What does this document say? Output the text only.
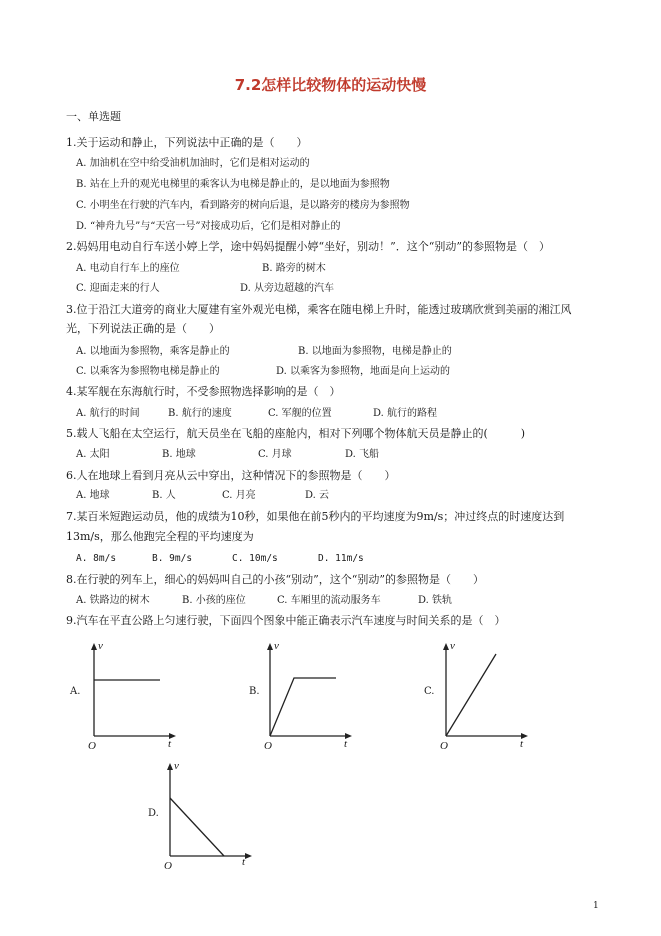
7.2怎样比较物体的运动快慢
一、单选题
1.关于运动和静止，下列说法中正确的是（　　）
A. 加油机在空中给受油机加油时，它们是相对运动的
B. 站在上升的观光电梯里的乘客认为电梯是静止的，是以地面为参照物
C. 小明坐在行驶的汽车内，看到路旁的树向后退，是以路旁的楼房为参照物
D. “神舟九号”与“天宫一号”对接成功后，它们是相对静止的
2.妈妈用电动自行车送小婷上学，途中妈妈提醒小婷“坐好，别动！”．这个“别动”的参照物是（　）
A. 电动自行车上的座位	B. 路旁的树木
C. 迎面走来的行人	D. 从旁边超越的汽车
3.位于沿江大道旁的商业大厦建有室外观光电梯，乘客在随电梯上升时，能透过玻璃欣赏到美丽的湘江风
光，下列说法正确的是（　　）
A. 以地面为参照物，乘客是静止的	B. 以地面为参照物，电梯是静止的
C. 以乘客为参照物电梯是静止的	D. 以乘客为参照物，地面是向上运动的
4.某军舰在东海航行时，不受参照物选择影响的是（　）
A. 航行的时间	B. 航行的速度	C. 军舰的位置	D. 航行的路程
5.载人飞船在太空运行，航天员坐在飞船的座舱内，相对下列哪个物体航天员是静止的(　　　)
A. 太阳	B. 地球	C. 月球	D. 飞船
6.人在地球上看到月亮从云中穿出，这种情况下的参照物是（　　）
A. 地球	B. 人	C. 月亮	D. 云
7.某百米短跑运动员，他的成绩为10秒，如果他在前5秒内的平均速度为9m/s；冲过终点的时速度达到
13m/s，那么他跑完全程的平均速度为
A. 8m/s	B. 9m/s	C. 10m/s	D. 11m/s
8.在行驶的列车上，细心的妈妈叫自己的小孩“别动”，这个“别动”的参照物是（　　）
A. 铁路边的树木	B. 小孩的座位	C. 车厢里的流动服务车	D. 铁轨
9.汽车在平直公路上匀速行驶，下面四个图象中能正确表示汽车速度与时间关系的是（　）
A.
v
t
O
B.
v
t
O
C.
v
t
O
D.
v
t
O
1
